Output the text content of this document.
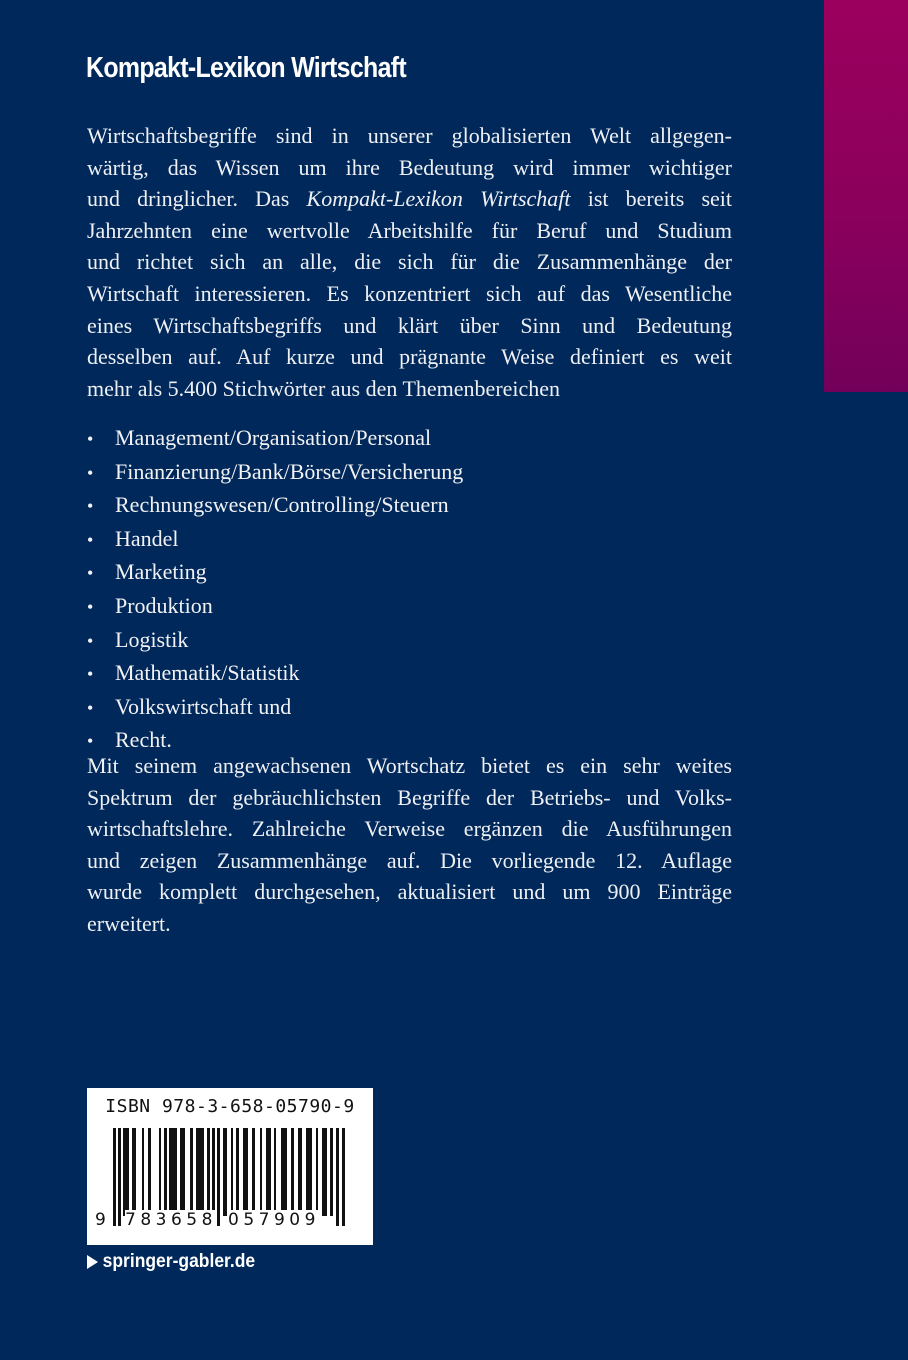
Kompakt-Lexikon Wirtschaft
Wirtschaftsbegriffe sind in unserer globalisierten Welt allgegen-
wärtig, das Wissen um ihre Bedeutung wird immer wichtiger
und dringlicher. Das Kompakt-Lexikon Wirtschaft ist bereits seit
Jahrzehnten eine wertvolle Arbeitshilfe für Beruf und Studium
und richtet sich an alle, die sich für die Zusammenhänge der
Wirtschaft interessieren. Es konzentriert sich auf das Wesentliche
eines Wirtschaftsbegriffs und klärt über Sinn und Bedeutung
desselben auf. Auf kurze und prägnante Weise definiert es weit
mehr als 5.400 Stichwörter aus den Themenbereichen
• Management/Organisation/Personal
• Finanzierung/Bank/Börse/Versicherung
• Rechnungswesen/Controlling/Steuern
• Handel
• Marketing
• Produktion
• Logistik
• Mathematik/Statistik
• Volkswirtschaft und
• Recht.
Mit seinem angewachsenen Wortschatz bietet es ein sehr weites
Spektrum der gebräuchlichsten Begriffe der Betriebs- und Volks-
wirtschaftslehre. Zahlreiche Verweise ergänzen die Ausführungen
und zeigen Zusammenhänge auf. Die vorliegende 12. Auflage
wurde komplett durchgesehen, aktualisiert und um 900 Einträge
erweitert.
ISBN 978-3-658-05790-9
9 783658 057909
springer-gabler.de
